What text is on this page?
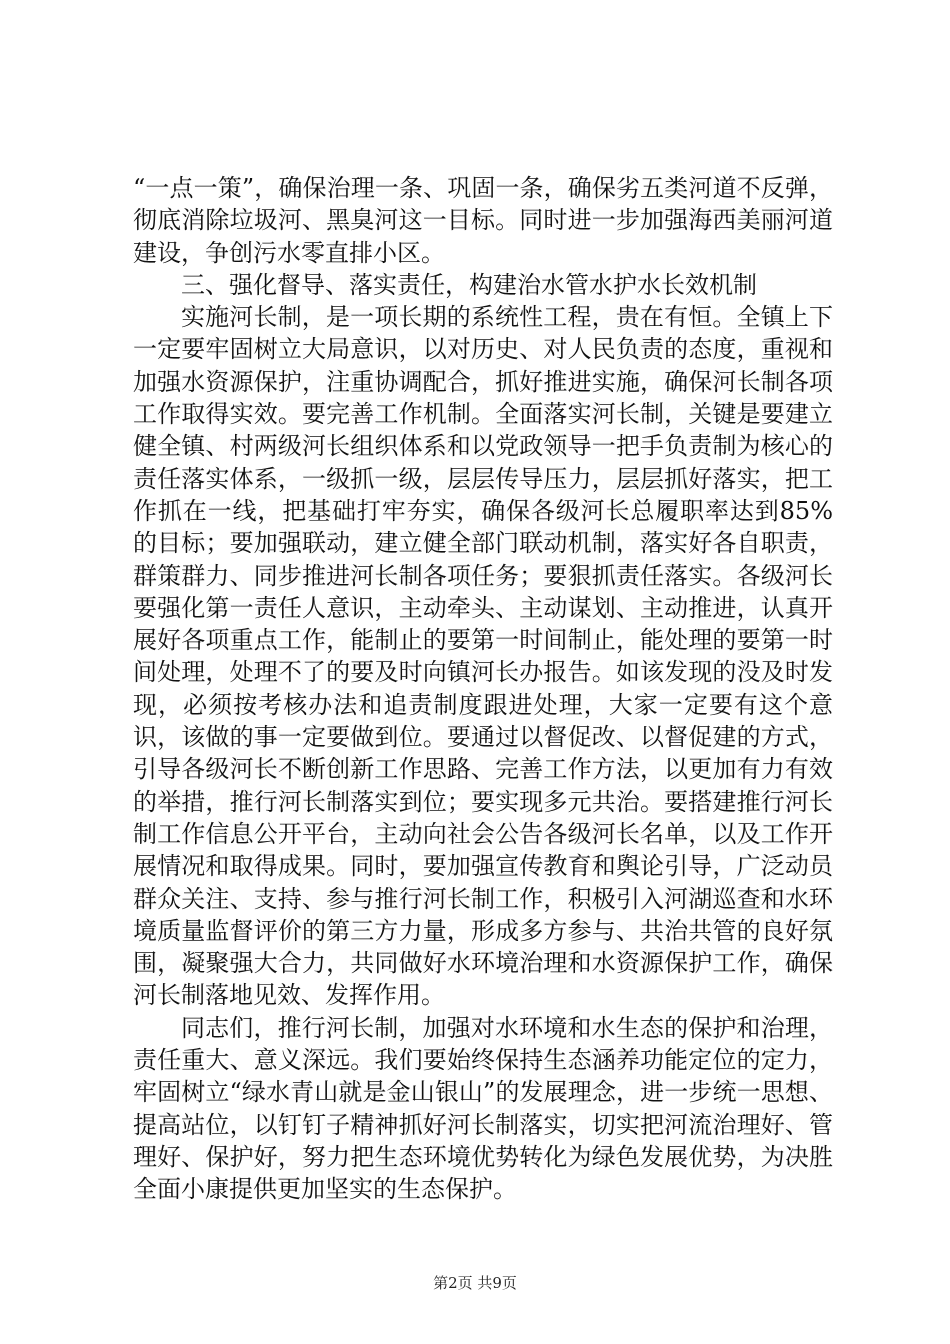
“一点一策”，确保治理一条、巩固一条，确保劣五类河道不反弹，彻底消除垃圾河、黑臭河这一目标。同时进一步加强海西美丽河道建设，争创污水零直排小区。

三、强化督导、落实责任，构建治水管水护水长效机制

实施河长制，是一项长期的系统性工程，贵在有恒。全镇上下一定要牢固树立大局意识，以对历史、对人民负责的态度，重视和加强水资源保护，注重协调配合，抓好推进实施，确保河长制各项工作取得实效。要完善工作机制。全面落实河长制，关键是要建立健全镇、村两级河长组织体系和以党政领导一把手负责制为核心的责任落实体系，一级抓一级，层层传导压力，层层抓好落实，把工作抓在一线，把基础打牢夯实，确保各级河长总履职率达到85%的目标；要加强联动，建立健全部门联动机制，落实好各自职责，群策群力、同步推进河长制各项任务；要狠抓责任落实。各级河长要强化第一责任人意识，主动牵头、主动谋划、主动推进，认真开展好各项重点工作，能制止的要第一时间制止，能处理的要第一时间处理，处理不了的要及时向镇河长办报告。如该发现的没及时发现，必须按考核办法和追责制度跟进处理，大家一定要有这个意识，该做的事一定要做到位。要通过以督促改、以督促建的方式，引导各级河长不断创新工作思路、完善工作方法，以更加有力有效的举措，推行河长制落实到位；要实现多元共治。要搭建推行河长制工作信息公开平台，主动向社会公告各级河长名单，以及工作开展情况和取得成果。同时，要加强宣传教育和舆论引导，广泛动员群众关注、支持、参与推行河长制工作，积极引入河湖巡查和水环境质量监督评价的第三方力量，形成多方参与、共治共管的良好氛围，凝聚强大合力，共同做好水环境治理和水资源保护工作，确保河长制落地见效、发挥作用。

同志们，推行河长制，加强对水环境和水生态的保护和治理，责任重大、意义深远。我们要始终保持生态涵养功能定位的定力，牢固树立“绿水青山就是金山银山”的发展理念，进一步统一思想、提高站位，以钉钉子精神抓好河长制落实，切实把河流治理好、管理好、保护好，努力把生态环境优势转化为绿色发展优势，为决胜全面小康提供更加坚实的生态保护。

第2页 共9页
